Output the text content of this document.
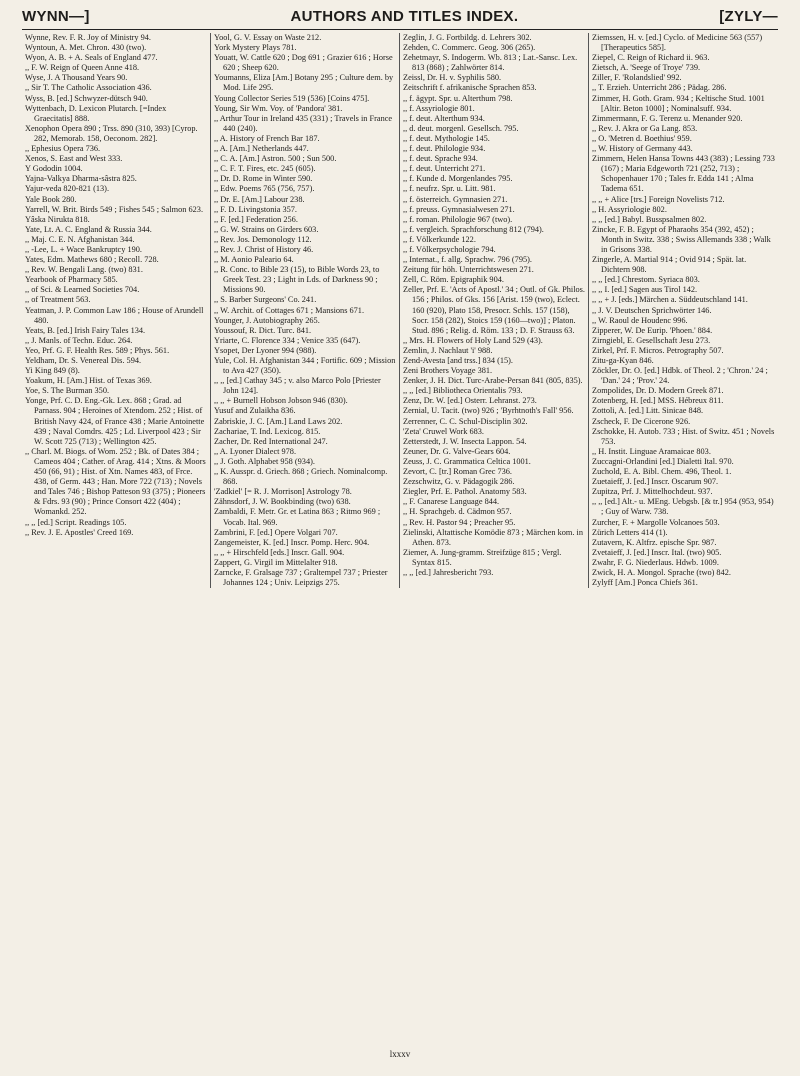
WYNN—]	AUTHORS AND TITLES INDEX.	[ZYLY—

Wynne, Rev. F. R. Joy of Ministry 94.

Wyntoun, A. Met. Chron. 430 (two).

Wyon, A. B. + A. Seals of England 477.

,, F. W. Reign of Queen Anne 418.

Wyse, J. A Thousand Years 90.

,, Sir T. The Catholic Association 436.

Wyss, B. [ed.] Schwyzer-dütsch 940.

Wyttenbach, D. Lexicon Plutarch. [=Index Graecitatis] 888.

Xenophon Opera 890 ; Trss. 890 (310, 393) [Cyrop. 282, Memorab. 158, Oeconom. 282].

,, Ephesius Opera 736.

Xenos, S. East and West 333.

Y Gododin 1004.

Yajna-Valkya Dharma-sâstra 825.

Yajur-veda 820-821 (13).

Yale Book 280.

Yarrell, W. Brit. Birds 549 ; Fishes 545 ; Salmon 623.

Yâska Nirukta 818.

Yate, Lt. A. C. England & Russia 344.

,, Maj. C. E. N. Afghanistan 344.

,, -Lee, L. + Wace Bankruptcy 190.

Yates, Edm. Mathews 680 ; Recoll. 728.

,, Rev. W. Bengali Lang. (two) 831.

Yearbook of Pharmacy 585.

,, of Sci. & Learned Societies 704.

,, of Treatment 563.

Yeatman, J. P. Common Law 186 ; House of Arundell 480.

Yeats, B. [ed.] Irish Fairy Tales 134.

,, J. Manls. of Techn. Educ. 264.

Yeo, Prf. G. F. Health Res. 589 ; Phys. 561.

Yeldham, Dr. S. Venereal Dis. 594.

Yi King 849 (8).

Yoakum, H. [Am.] Hist. of Texas 369.

Yoe, S. The Burman 350.

Yonge, Prf. C. D. Eng.-Gk. Lex. 868 ; Grad. ad Parnass. 904 ; Heroines of Xtendom. 252 ; Hist. of British Navy 424, of France 438 ; Marie Antoinette 439 ; Naval Comdrs. 425 ; Ld. Liverpool 423 ; Sir W. Scott 725 (713) ; Wellington 425.

,, Charl. M. Biogs. of Wom. 252 ; Bk. of Dates 384 ; Cameos 404 ; Cather. of Arag. 414 ; Xtns. & Moors 450 (66, 91) ; Hist. of Xtn. Names 483, of Frce. 438, of Germ. 443 ; Han. More 722 (713) ; Novels and Tales 746 ; Bishop Patteson 93 (375) ; Pioneers & Fdrs. 93 (90) ; Prince Consort 422 (404) ; Womankd. 252.

,, ,, [ed.] Script. Readings 105.

,, Rev. J. E. Apostles' Creed 169.

Yool, G. V. Essay on Waste 212.

York Mystery Plays 781.

Youatt, W. Cattle 620 ; Dog 691 ; Grazier 616 ; Horse 620 ; Sheep 620.

Youmanns, Eliza [Am.] Botany 295 ; Culture dem. by Mod. Life 295.

Young Collector Series 519 (536) [Coins 475].

Young, Sir Wm. Voy. of 'Pandora' 381.

,, Arthur Tour in Ireland 435 (331) ; Travels in France 440 (240).

,, A. History of French Bar 187.

,, A. [Am.] Netherlands 447.

,, C. A. [Am.] Astron. 500 ; Sun 500.

,, C. F. T. Fires, etc. 245 (605).

,, Dr. D. Rome in Winter 590.

,, Edw. Poems 765 (756, 757).

,, Dr. E. [Am.] Labour 238.

,, F. D. Livingstonia 357.

,, F. [ed.] Federation 256.

,, G. W. Strains on Girders 603.

,, Rev. Jos. Demonology 112.

,, Rev. J. Christ of History 46.

,, M. Aonio Paleario 64.

,, R. Conc. to Bible 23 (15), to Bible Words 23, to Greek Test. 23 ; Light in Lds. of Darkness 90 ; Missions 90.

,, S. Barber Surgeons' Co. 241.

,, W. Archit. of Cottages 671 ; Mansions 671.

Younger, J. Autobiography 265.

Youssouf, R. Dict. Turc. 841.

Yriarte, C. Florence 334 ; Venice 335 (647).

Ysopet, Der Lyoner 994 (988).

Yule, Col. H. Afghanistan 344 ; Fortific. 609 ; Mission to Ava 427 (350).

,, ,, [ed.] Cathay 345 ; v. also Marco Polo [Priester John 124].

,, ,, + Burnell Hobson Jobson 946 (830).

Yusuf and Zulaikha 836.

Zabriskie, J. C. [Am.] Land Laws 202.

Zachariae, T. Ind. Lexicog. 815.

Zacher, Dr. Red International 247.

,, A. Lyoner Dialect 978.

,, J. Goth. Alphabet 958 (934).

,, K. Ausspr. d. Griech. 868 ; Griech. Nominalcomp. 868.

'Zadkiel' [= R. J. Morrison] Astrology 78.

Zähnsdorf, J. W. Bookbinding (two) 638.

Zambaldi, F. Metr. Gr. et Latina 863 ; Ritmo 969 ; Vocab. Ital. 969.

Zambrini, F. [ed.] Opere Volgari 707.

Zangemeister, K. [ed.] Inscr. Pomp. Herc. 904.

,, ,, + Hirschfeld [eds.] Inscr. Gall. 904.

Zappert, G. Virgil im Mittelalter 918.

Zarncke, F. Gralsage 737 ; Graltempel 737 ; Priester Johannes 124 ; Univ. Leipzigs 275.

Zeglin, J. G. Fortbildg. d. Lehrers 302.

Zehden, C. Commerc. Geog. 306 (265).

Zehetmayr, S. Indogerm. Wb. 813 ; Lat.-Sansc. Lex. 813 (868) ; Zahlwörter 814.

Zeissl, Dr. H. v. Syphilis 580.

Zeitschrift f. afrikanische Sprachen 853.

,, f. ägypt. Spr. u. Alterthum 798.

,, f. Assyriologie 801.

,, f. deut. Alterthum 934.

,, d. deut. morgenl. Gesellsch. 795.

,, f. deut. Mythologie 145.

,, f. deut. Philologie 934.

,, f. deut. Sprache 934.

,, f. deut. Unterricht 271.

,, f. Kunde d. Morgenlandes 795.

,, f. neufrz. Spr. u. Litt. 981.

,, f. österreich. Gymnasien 271.

,, f. preuss. Gymnasialwesen 271.

,, f. roman. Philologie 967 (two).

,, f. vergleich. Sprachforschung 812 (794).

,, f. Völkerkunde 122.

,, f. Völkerpsychologie 794.

,, Internat., f. allg. Sprachw. 796 (795).

Zeitung für höh. Unterrichtswesen 271.

Zell, C. Röm. Epigraphik 904.

Zeller, Prf. E. 'Acts of Apostl.' 34 ; Outl. of Gk. Philos. 156 ; Philos. of Gks. 156 [Arist. 159 (two), Eclect. 160 (920), Plato 158, Presocr. Schls. 157 (158), Socr. 158 (282), Stoics 159 (160—two)] ; Platon. Stud. 896 ; Relig. d. Röm. 133 ; D. F. Strauss 63.

,, Mrs. H. Flowers of Holy Land 529 (43).

Zemlin, J. Nachlaut 'i' 988.

Zend-Avesta [and trss.] 834 (15).

Zeni Brothers Voyage 381.

Zenker, J. H. Dict. Turc-Arabe-Persan 841 (805, 835).

,, ,, [ed.] Bibliotheca Orientalis 793.

Zenz, Dr. W. [ed.] Osterr. Lehranst. 273.

Zernial, U. Tacit. (two) 926 ; 'Byrhtnoth's Fall' 956.

Zerrenner, C. C. Schul-Disciplin 302.

'Zeta' Cruwel Work 683.

Zetterstedt, J. W. Insecta Lappon. 54.

Zeuner, Dr. G. Valve-Gears 604.

Zeuss, J. C. Grammatica Celtica 1001.

Zevort, C. [tr.] Roman Grec 736.

Zezschwitz, G. v. Pädagogik 286.

Ziegler, Prf. E. Pathol. Anatomy 583.

,, F. Canarese Language 844.

,, H. Sprachgeb. d. Cädmon 957.

,, Rev. H. Pastor 94 ; Preacher 95.

Zielinski, Altattische Komödie 873 ; Märchen kom. in Athen. 873.

Ziemer, A. Jung-gramm. Streifzüge 815 ; Vergl. Syntax 815.

,, ,, [ed.] Jahresbericht 793.

Ziemssen, H. v. [ed.] Cyclo. of Medicine 563 (557) [Therapeutics 585].

Ziepel, C. Reign of Richard ii. 963.

Zietsch, A. 'Seege of Troye' 739.

Ziller, F. 'Rolandslied' 992.

,, T. Erzieh. Unterricht 286 ; Pädag. 286.

Zimmer, H. Goth. Gram. 934 ; Keltische Stud. 1001 [Altir. Beton 1000] ; Nominalsuff. 934.

Zimmermann, F. G. Terenz u. Menander 920.

,, Rev. J. Akra or Ga Lang. 853.

,, O. 'Metren d. Boethius' 959.

,, W. History of Germany 443.

Zimmern, Helen Hansa Towns 443 (383) ; Lessing 733 (167) ; Maria Edgeworth 721 (252, 713) ; Schopenhauer 170 ; Tales fr. Edda 141 ; Alma Tadema 651.

,, ,, + Alice [trs.] Foreign Novelists 712.

,, H. Assyriologie 802.

,, ,, [ed.] Babyl. Busspsalmen 802.

Zincke, F. B. Egypt of Pharaohs 354 (392, 452) ; Month in Switz. 338 ; Swiss Allemands 338 ; Walk in Grisons 338.

Zingerle, A. Martial 914 ; Ovid 914 ; Spät. lat. Dichtern 908.

,, ,, [ed.] Chrestom. Syriaca 803.

,, ,, I. [ed.] Sagen aus Tirol 142.

,, ,, + J. [eds.] Märchen a. Süddeutschland 141.

,, J. V. Deutschen Sprichwörter 146.

,, W. Raoul de Houdenc 996.

Zipperer, W. De Eurip. 'Phoen.' 884.

Zirngiebl, E. Gesellschaft Jesu 273.

Zirkel, Prf. F. Micros. Petrography 507.

Zitu-ga-Kyan 846.

Zöckler, Dr. O. [ed.] Hdbk. of Theol. 2 ; 'Chron.' 24 ; 'Dan.' 24 ; 'Prov.' 24.

Zompolides, Dr. D. Modern Greek 871.

Zotenberg, H. [ed.] MSS. Hébreux 811.

Zottoli, A. [ed.] Litt. Sinicae 848.

Zscheck, F. De Cicerone 926.

Zschokke, H. Autob. 733 ; Hist. of Switz. 451 ; Novels 753.

,, H. Instit. Linguae Aramaicae 803.

Zuccagni-Orlandini [ed.] Dialetti Ital. 970.

Zuchold, E. A. Bibl. Chem. 496, Theol. 1.

Zuetaieff, J. [ed.] Inscr. Oscarum 907.

Zupitza, Prf. J. Mittelhochdeut. 937.

,, ,, [ed.] Alt.- u. MEng. Uebgsb. [& tr.] 954 (953, 954) ; Guy of Warw. 738.

Zurcher, F. + Margolle Volcanoes 503.

Zürich Letters 414 (1).

Zutavern, K. Altfrz. epische Spr. 987.

Zvetaieff, J. [ed.] Inscr. Ital. (two) 905.

Zwahr, F. G. Niederlaus. Hdwb. 1009.

Zwick, H. A. Mongol. Sprache (two) 842.

Zylyff [Am.] Ponca Chiefs 361.

lxxxv
